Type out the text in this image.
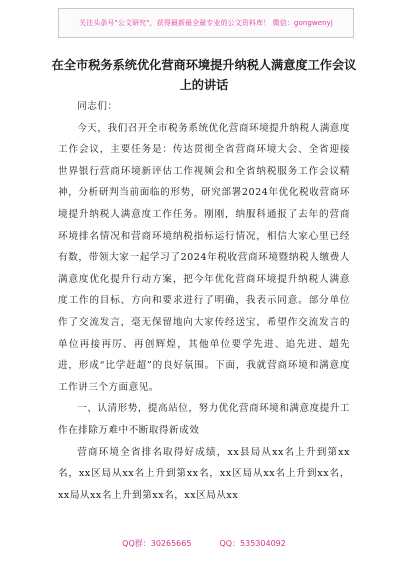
关注头条号"公文研究"，获得最新最全最专业的公文资料库！ 微信：gongwenyj
在全市税务系统优化营商环境提升纳税人满意度工作会议
上的讲话

同志们：

今天，我们召开全市税务系统优化营商环境提升纳税人满意度工作会议，主要任务是：传达贯彻全省营商环境大会、全省迎接世界银行营商环境新评估工作视频会和全省纳税服务工作会议精神，分析研判当前面临的形势，研究部署2024年优化税收营商环境提升纳税人满意度工作任务。刚刚，纳服科通报了去年的营商环境排名情况和营商环境纳税指标运行情况，相信大家心里已经有数，带领大家一起学习了2024年税收营商环境暨纳税人缴费人满意度优化提升行动方案，把今年优化营商环境提升纳税人满意度工作的目标、方向和要求进行了明确，我表示同意。部分单位作了交流发言，毫无保留地向大家传经送宝，希望作交流发言的单位再接再厉、再创辉煌，其他单位要学先进、追先进、超先进，形成“比学赶超”的良好氛围。下面，我就营商环境和满意度工作讲三个方面意见。

一、认清形势，提高站位，努力优化营商环境和满意度提升工作在排除万难中不断取得新成效

营商环境全省排名取得好成绩，xx县局从xx名上升到第xx名，xx区局从xx名上升到第xx名，xx区局从xx名上升到xx名，xx局从xx名上升到第xx名，xx区局从xx

QQ群：30265665	QQ：535304092
